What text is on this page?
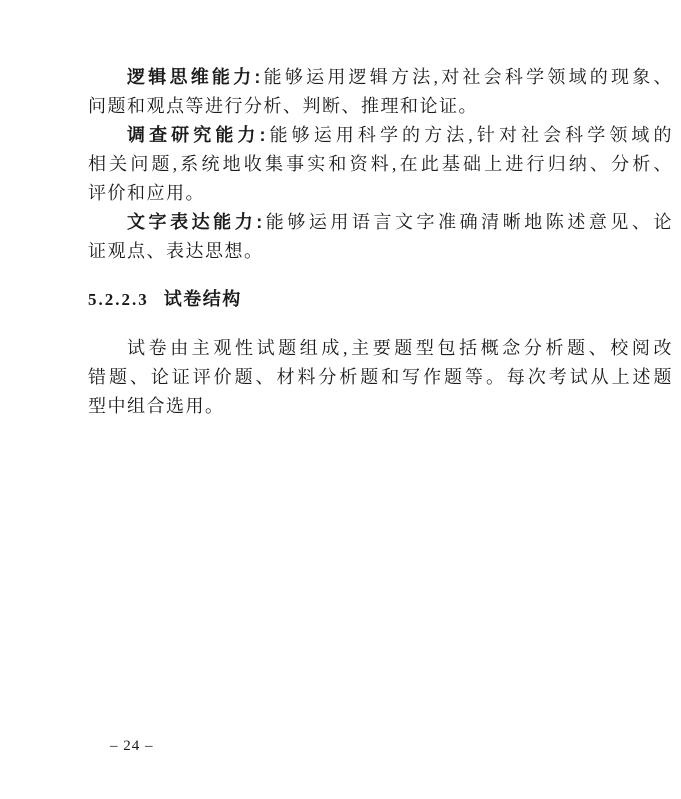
逻辑思维能力:能够运用逻辑方法,对社会科学领域的现象、
问题和观点等进行分析、判断、推理和论证。
调查研究能力:能够运用科学的方法,针对社会科学领域的
相关问题,系统地收集事实和资料,在此基础上进行归纳、分析、
评价和应用。
文字表达能力:能够运用语言文字准确清晰地陈述意见、论
证观点、表达思想。
5.2.2.3 试卷结构
试卷由主观性试题组成,主要题型包括概念分析题、校阅改
错题、论证评价题、材料分析题和写作题等。每次考试从上述题
型中组合选用。
– 24 –
